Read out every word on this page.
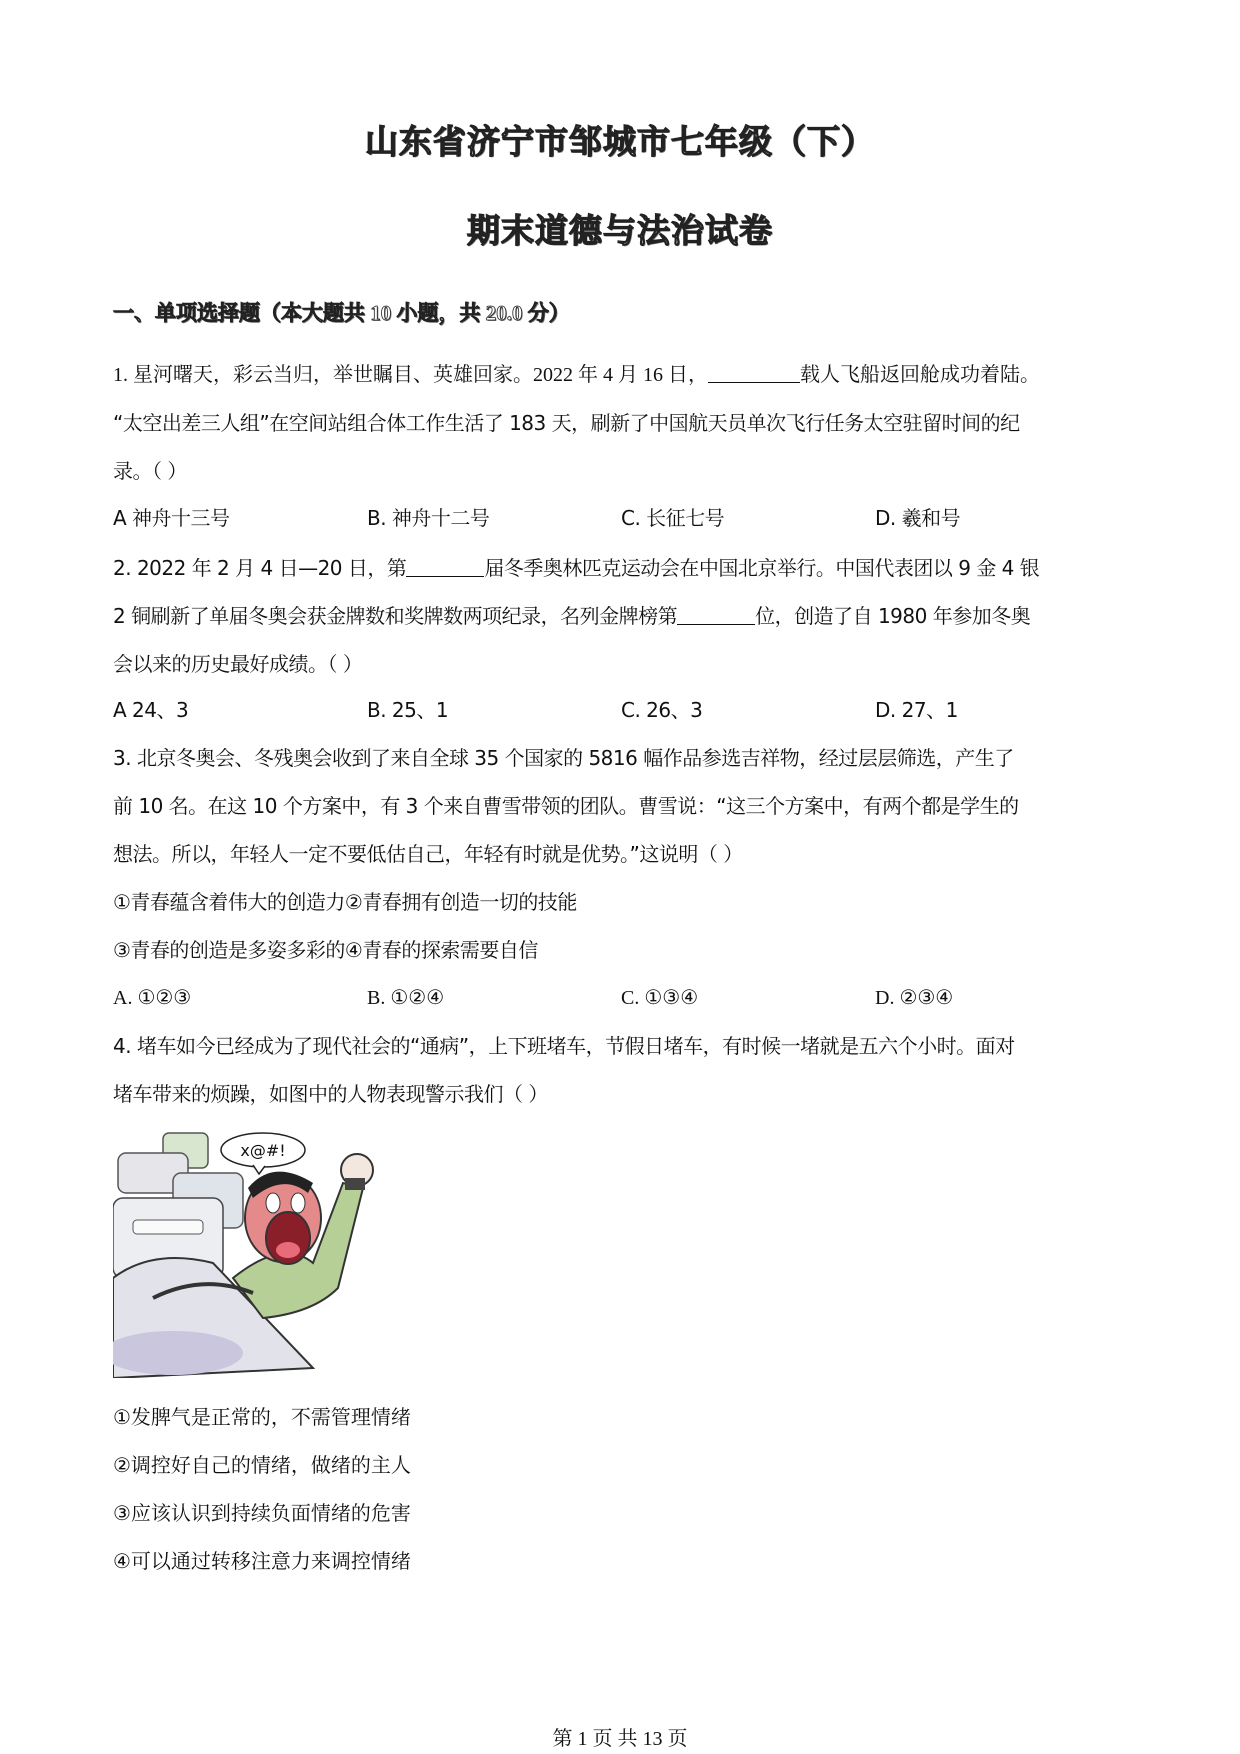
山东省济宁市邹城市七年级（下）
期末道德与法治试卷
一、单项选择题（本大题共 10 小题，共 20.0 分）
1. 星河曙天，彩云当归，举世瞩目、英雄回家。2022 年 4 月 16 日，	载人飞船返回舱成功着陆。
“太空出差三人组”在空间站组合体工作生活了 183 天，刷新了中国航天员单次飞行任务太空驻留时间的纪
录。（ ）
A 神舟十三号	B. 神舟十二号	C. 长征七号	D. 羲和号
2. 2022 年 2 月 4 日—20 日，第	届冬季奥林匹克运动会在中国北京举行。中国代表团以 9 金 4 银
2 铜刷新了单届冬奥会获金牌数和奖牌数两项纪录，名列金牌榜第	位，创造了自 1980 年参加冬奥
会以来的历史最好成绩。（ ）
A 24、3	B. 25、1	C. 26、3	D. 27、1
3. 北京冬奥会、冬残奥会收到了来自全球 35 个国家的 5816 幅作品参选吉祥物，经过层层筛选，产生了
前 10 名。在这 10 个方案中，有 3 个来自曹雪带领的团队。曹雪说：“这三个方案中，有两个都是学生的
想法。所以，年轻人一定不要低估自己，年轻有时就是优势。”这说明（ ）
①青春蕴含着伟大的创造力②青春拥有创造一切的技能
③青春的创造是多姿多彩的④青春的探索需要自信
A. ①②③	B. ①②④	C. ①③④	D. ②③④
4. 堵车如今已经成为了现代社会的“通病”，上下班堵车，节假日堵车，有时候一堵就是五六个小时。面对
堵车带来的烦躁，如图中的人物表现警示我们（ ）
x@#!
①发脾气是正常的，不需管理情绪
②调控好自己的情绪，做绪的主人
③应该认识到持续负面情绪的危害
④可以通过转移注意力来调控情绪
第 1 页 共 13 页
